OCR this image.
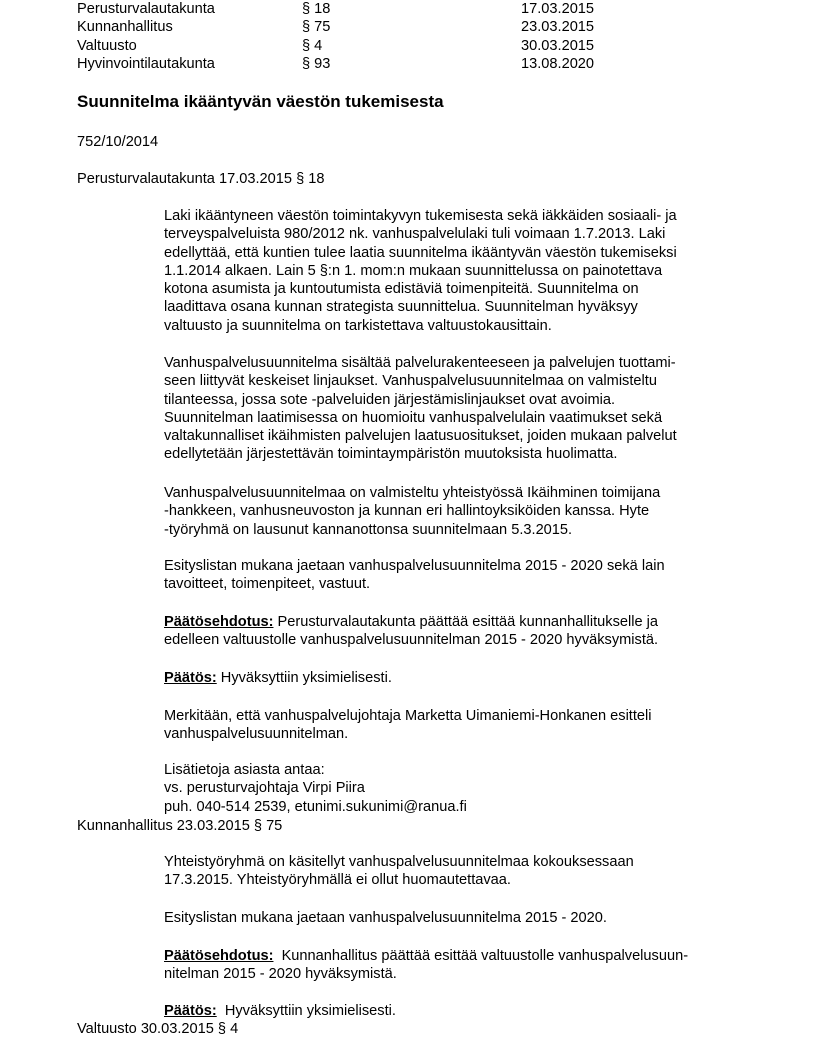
Perusturvalautakunta	§ 18	17.03.2015
Kunnanhallitus	§ 75	23.03.2015
Valtuusto	§ 4	30.03.2015
Hyvinvointilautakunta	§ 93	13.08.2020
Suunnitelma ikääntyvän väestön tukemisesta
752/10/2014
Perusturvalautakunta 17.03.2015 § 18

Laki ikääntyneen väestön toimintakyvyn tukemisesta sekä iäkkäiden sosiaali- ja

terveyspalveluista 980/2012 nk. vanhuspalvelulaki tuli voimaan 1.7.2013. Laki

edellyttää, että kuntien tulee laatia suunnitelma ikääntyvän väestön tukemiseksi

1.1.2014 alkaen. Lain 5 §:n 1. mom:n mukaan suunnittelussa on painotettava

kotona asumista ja kuntoutumista edistäviä toimenpiteitä. Suunnitelma on

laadittava osana kunnan strategista suunnittelua. Suunnitelman hyväksyy

valtuusto ja suunnitelma on tarkistettava valtuustokausittain.

Vanhuspalvelusuunnitelma sisältää palvelurakenteeseen ja palvelujen tuottami-

seen liittyvät keskeiset linjaukset. Vanhuspalvelusuunnitelmaa on valmisteltu

tilanteessa, jossa sote -palveluiden järjestämislinjaukset ovat avoimia.

Suunnitelman laatimisessa on huomioitu vanhuspalvelulain vaatimukset sekä

valtakunnalliset ikäihmisten palvelujen laatusuositukset, joiden mukaan palvelut

edellytetään järjestettävän toimintaympäristön muutoksista huolimatta.

Vanhuspalvelusuunnitelmaa on valmisteltu yhteistyössä Ikäihminen toimijana

-hankkeen, vanhusneuvoston ja kunnan eri hallintoyksiköiden kanssa. Hyte

-työryhmä on lausunut kannanottonsa suunnitelmaan 5.3.2015.

Esityslistan mukana jaetaan vanhuspalvelusuunnitelma 2015 - 2020 sekä lain

tavoitteet, toimenpiteet, vastuut.

Päätösehdotus: Perusturvalautakunta päättää esittää kunnanhallitukselle ja

edelleen valtuustolle vanhuspalvelusuunnitelman 2015 - 2020 hyväksymistä.

Päätös: Hyväksyttiin yksimielisesti.

Merkitään, että vanhuspalvelujohtaja Marketta Uimaniemi-Honkanen esitteli

vanhuspalvelusuunnitelman.

Lisätietoja asiasta antaa:

vs. perusturvajohtaja Virpi Piira

puh. 040-514 2539, etunimi.sukunimi@ranua.fi

Kunnanhallitus 23.03.2015 § 75

Yhteistyöryhmä on käsitellyt vanhuspalvelusuunnitelmaa kokouksessaan

17.3.2015. Yhteistyöryhmällä ei ollut huomautettavaa.

Esityslistan mukana jaetaan vanhuspalvelusuunnitelma 2015 - 2020.

Päätösehdotus:  Kunnanhallitus päättää esittää valtuustolle vanhuspalvelusuun-

nitelman 2015 - 2020 hyväksymistä.

Päätös:  Hyväksyttiin yksimielisesti.

Valtuusto 30.03.2015 § 4
